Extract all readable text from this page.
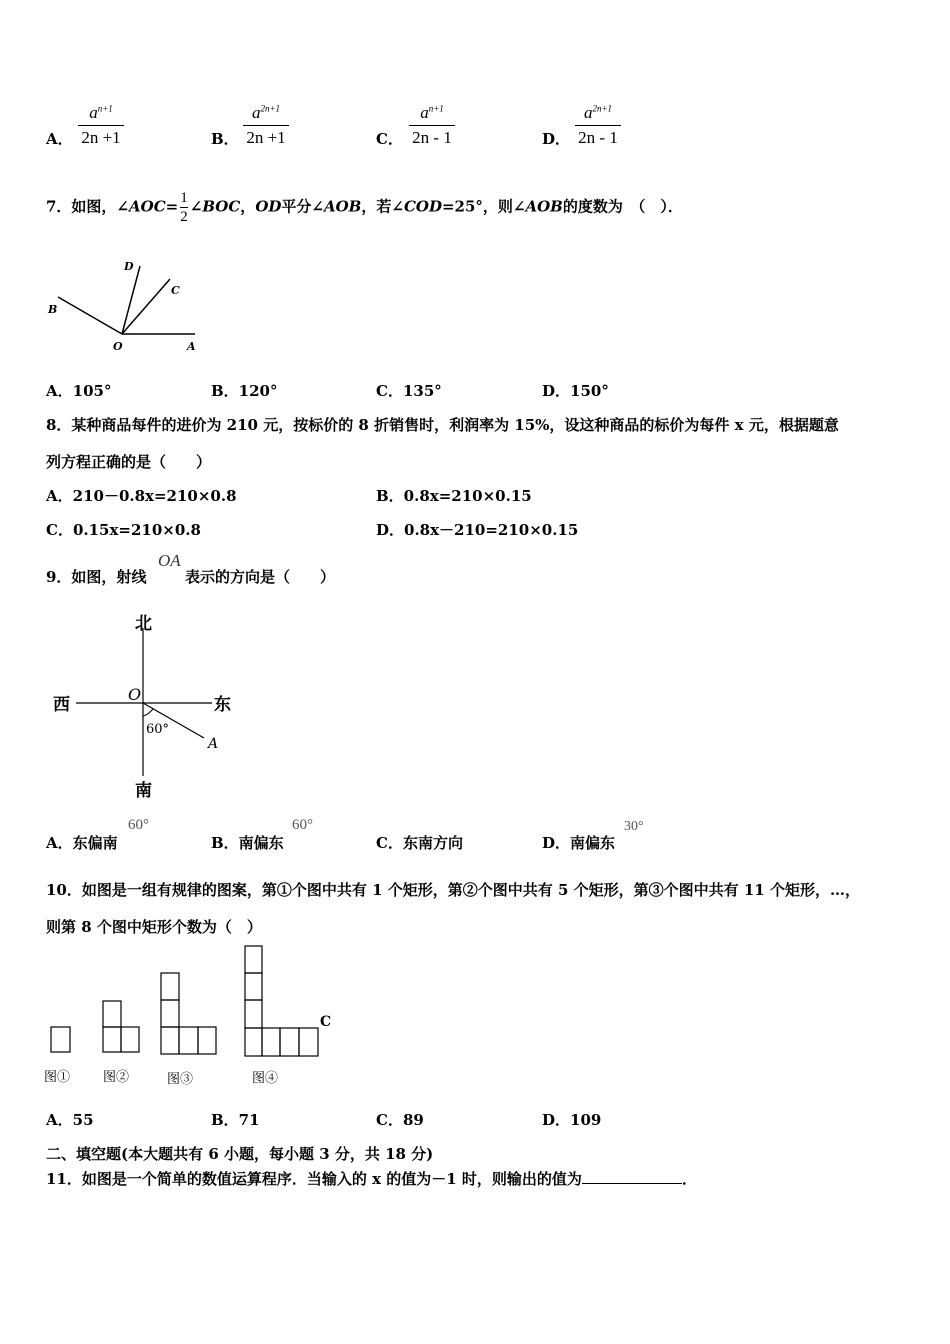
A．
$a^{n+1}$
2n +1	B．
$a^{2n+1}$
2n +1	C．
$a^{n+1}$
2n - 1	D．
$a^{2n+1}$
2n - 1
7．如图，∠AOC= $\frac{1}{2}$ ∠BOC，OD平分∠AOB，若∠COD=25°，则∠AOB的度数为　（　）．
D
C
B
O	A
A．105°	B．120°	C．135°	D．150°
8．某种商品每件的进价为 210 元，按标价的 8 折销售时，利润率为 15%，设这种商品的标价为每件 x 元，根据题意
列方程正确的是（　　）
A．210－0.8x=210×0.8	B．0.8x=210×0.15
C．0.15x=210×0.8	D．0.8x－210=210×0.15
9．如图，射线
OA
表示的方向是（　　）
北
南
西	东
O
A
60°
A．东偏南
60°
B．南偏东
60°
C．东南方向	D．南偏东
30°
10．如图是一组有规律的图案，第①个图中共有 1 个矩形，第②个图中共有 5 个矩形，第③个图中共有 11 个矩形，…，
则第 8 个图中矩形个数为（　）
C
图①	图②	图③	图④
A．55	B．71	C．89	D．109
二、填空题(本大题共有 6 小题，每小题 3 分，共 18 分)
11．如图是一个简单的数值运算程序．当输入的 x 的值为－1 时，则输出的值为	．
